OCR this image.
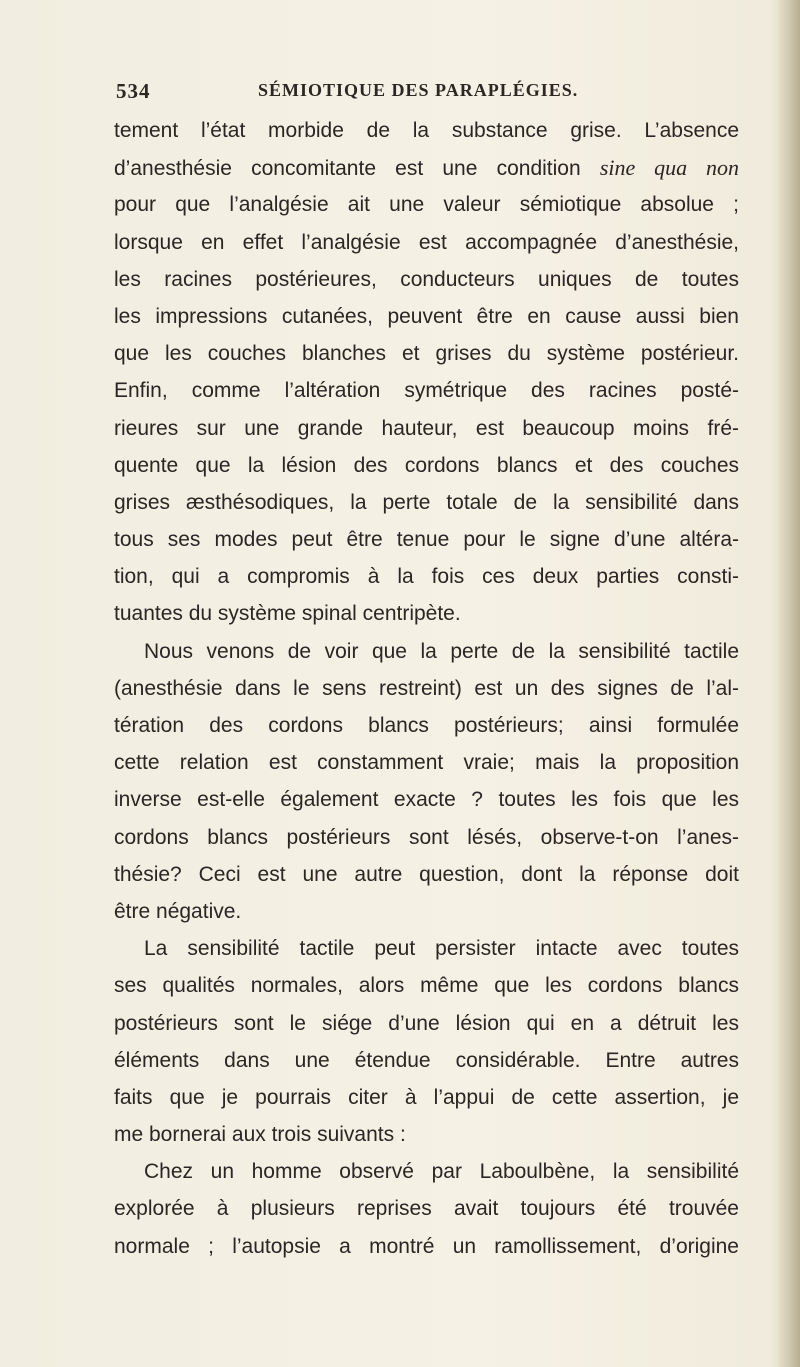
534	SÉMIOTIQUE DES PARAPLÉGIES.
tement l’état morbide de la substance grise. L’absence
d’anesthésie concomitante est une condition sine qua non
pour que l’analgésie ait une valeur sémiotique absolue ;
lorsque en effet l’analgésie est accompagnée d’anesthésie,
les racines postérieures, conducteurs uniques de toutes
les impressions cutanées, peuvent être en cause aussi bien
que les couches blanches et grises du système postérieur.
Enfin, comme l’altération symétrique des racines posté-
rieures sur une grande hauteur, est beaucoup moins fré-
quente que la lésion des cordons blancs et des couches
grises æsthésodiques, la perte totale de la sensibilité dans
tous ses modes peut être tenue pour le signe d’une altéra-
tion, qui a compromis à la fois ces deux parties consti-
tuantes du système spinal centripète.
Nous venons de voir que la perte de la sensibilité tactile
(anesthésie dans le sens restreint) est un des signes de l’al-
tération des cordons blancs postérieurs; ainsi formulée
cette relation est constamment vraie; mais la proposition
inverse est-elle également exacte ? toutes les fois que les
cordons blancs postérieurs sont lésés, observe-t-on l’anes-
thésie? Ceci est une autre question, dont la réponse doit
être négative.
La sensibilité tactile peut persister intacte avec toutes
ses qualités normales, alors même que les cordons blancs
postérieurs sont le siége d’une lésion qui en a détruit les
éléments dans une étendue considérable. Entre autres
faits que je pourrais citer à l’appui de cette assertion, je
me bornerai aux trois suivants :
Chez un homme observé par Laboulbène, la sensibilité
explorée à plusieurs reprises avait toujours été trouvée
normale ; l’autopsie a montré un ramollissement, d’origine
